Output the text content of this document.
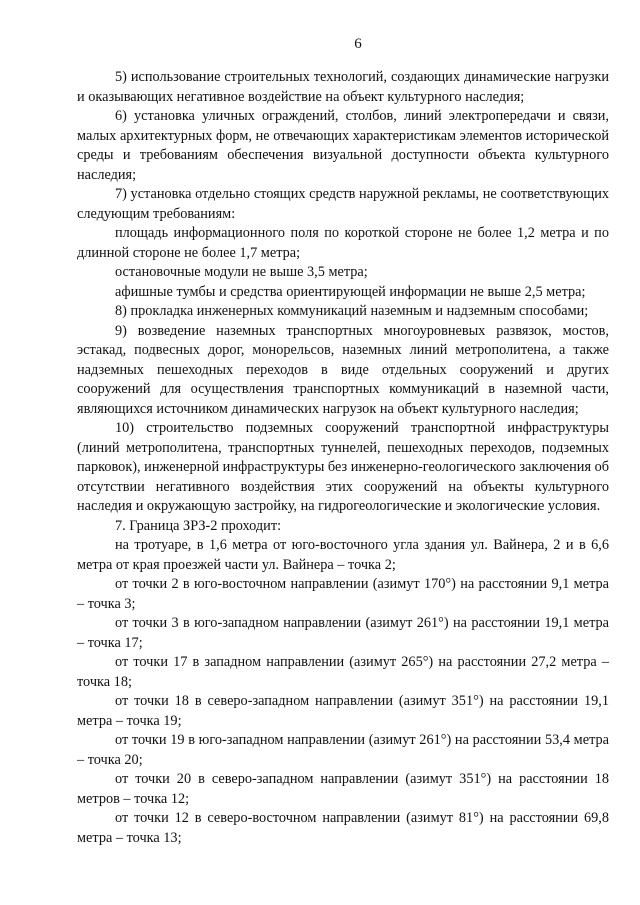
6

5) использование строительных технологий, создающих динамические нагрузки и оказывающих негативное воздействие на объект культурного наследия;

6) установка уличных ограждений, столбов, линий электропередачи и связи, малых архитектурных форм, не отвечающих характеристикам элементов исторической среды и требованиям обеспечения визуальной доступности объекта культурного наследия;

7) установка отдельно стоящих средств наружной рекламы, не соответствующих следующим требованиям:

площадь информационного поля по короткой стороне не более 1,2 метра и по длинной стороне не более 1,7 метра;

остановочные модули не выше 3,5 метра;

афишные тумбы и средства ориентирующей информации не выше 2,5 метра;

8) прокладка инженерных коммуникаций наземным и надземным способами;

9) возведение наземных транспортных многоуровневых развязок, мостов, эстакад, подвесных дорог, монорельсов, наземных линий метрополитена, а также надземных пешеходных переходов в виде отдельных сооружений и других сооружений для осуществления транспортных коммуникаций в наземной части, являющихся источником динамических нагрузок на объект культурного наследия;

10) строительство подземных сооружений транспортной инфраструктуры (линий метрополитена, транспортных туннелей, пешеходных переходов, подземных парковок), инженерной инфраструктуры без инженерно-геологического заключения об отсутствии негативного воздействия этих сооружений на объекты культурного наследия и окружающую застройку, на гидрогеологические и экологические условия.

7. Граница ЗРЗ-2 проходит:

на тротуаре, в 1,6 метра от юго-восточного угла здания ул. Вайнера, 2 и в 6,6 метра от края проезжей части ул. Вайнера – точка 2;

от точки 2 в юго-восточном направлении (азимут 170°) на расстоянии 9,1 метра – точка 3;

от точки 3 в юго-западном направлении (азимут 261°) на расстоянии 19,1 метра – точка 17;

от точки 17 в западном направлении (азимут 265°) на расстоянии 27,2 метра – точка 18;

от точки 18 в северо-западном направлении (азимут 351°) на расстоянии 19,1 метра – точка 19;

от точки 19 в юго-западном направлении (азимут 261°) на расстоянии 53,4 метра – точка 20;

от точки 20 в северо-западном направлении (азимут 351°) на расстоянии 18 метров – точка 12;

от точки 12 в северо-восточном направлении (азимут 81°) на расстоянии 69,8 метра – точка 13;
